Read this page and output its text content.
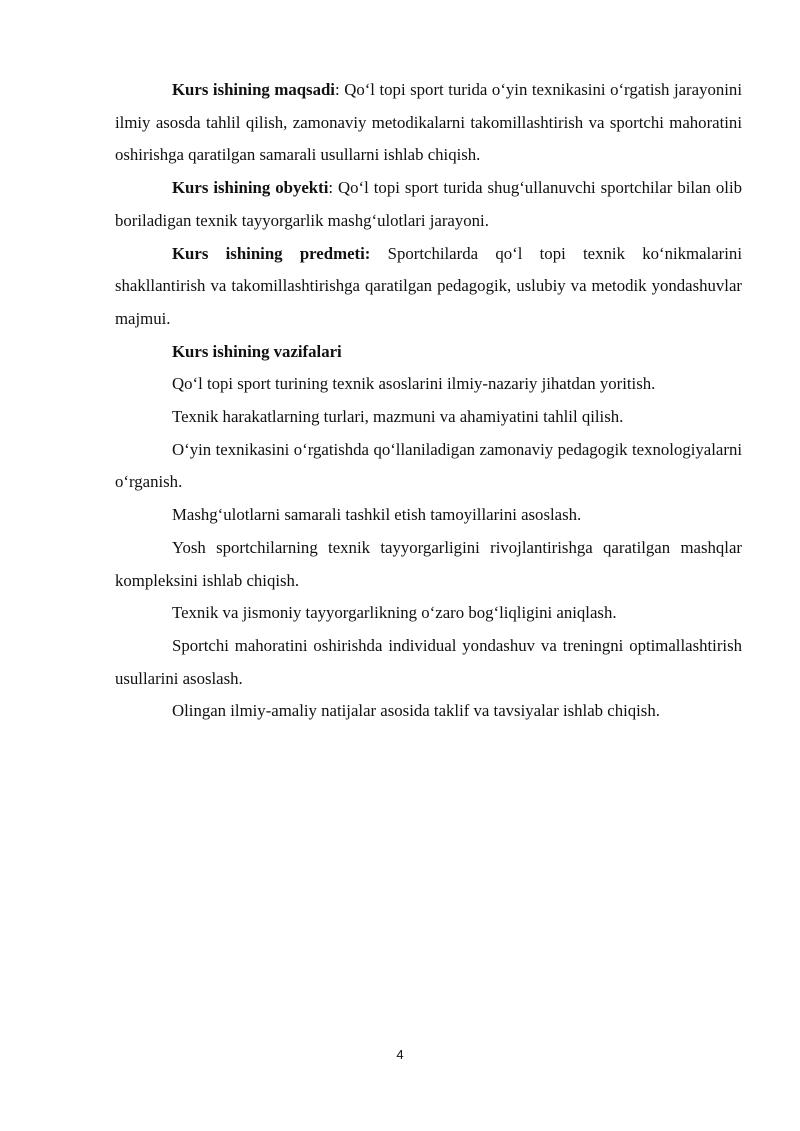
Kurs ishining maqsadi: Qo‘l topi sport turida o‘yin texnikasini o‘rgatish jarayonini ilmiy asosda tahlil qilish, zamonaviy metodikalarni takomillashtirish va sportchi mahoratini oshirishga qaratilgan samarali usullarni ishlab chiqish.

Kurs ishining obyekti: Qo‘l topi sport turida shug‘ullanuvchi sportchilar bilan olib boriladigan texnik tayyorgarlik mashg‘ulotlari jarayoni.

Kurs ishining predmeti: Sportchilarda qo‘l topi texnik ko‘nikmalarini shakllantirish va takomillashtirishga qaratilgan pedagogik, uslubiy va metodik yondashuvlar majmui.

Kurs ishining vazifalari

Qo‘l topi sport turining texnik asoslarini ilmiy-nazariy jihatdan yoritish.

Texnik harakatlarning turlari, mazmuni va ahamiyatini tahlil qilish.

O‘yin texnikasini o‘rgatishda qo‘llaniladigan zamonaviy pedagogik texnologiyalarni o‘rganish.

Mashg‘ulotlarni samarali tashkil etish tamoyillarini asoslash.

Yosh sportchilarning texnik tayyorgarligini rivojlantirishga qaratilgan mashqlar kompleksini ishlab chiqish.

Texnik va jismoniy tayyorgarlikning o‘zaro bog‘liqligini aniqlash.

Sportchi mahoratini oshirishda individual yondashuv va treningni optimallashtirish usullarini asoslash.

Olingan ilmiy-amaliy natijalar asosida taklif va tavsiyalar ishlab chiqish.

4
